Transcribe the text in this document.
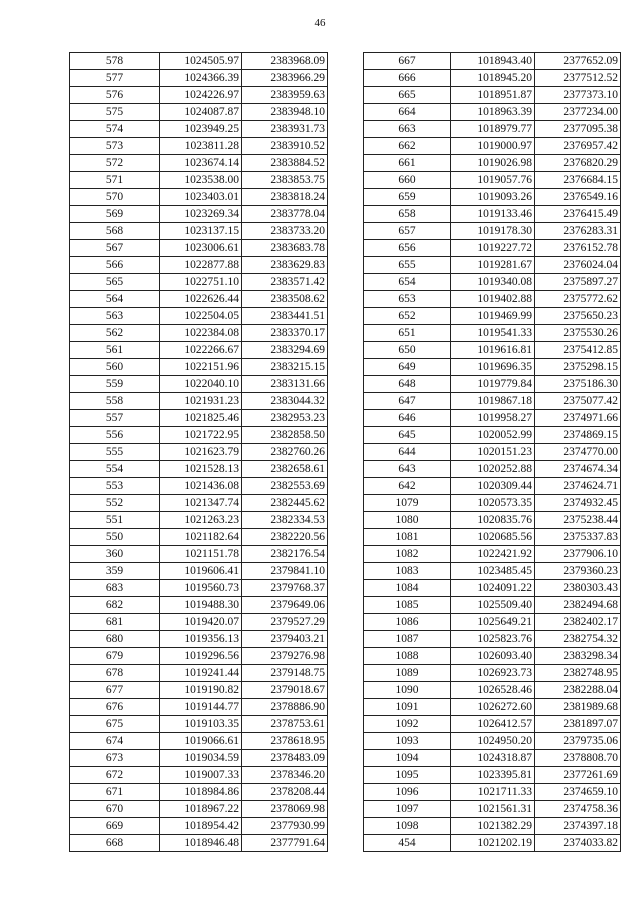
46
578	1024505.97	2383968.09
577	1024366.39	2383966.29
576	1024226.97	2383959.63
575	1024087.87	2383948.10
574	1023949.25	2383931.73
573	1023811.28	2383910.52
572	1023674.14	2383884.52
571	1023538.00	2383853.75
570	1023403.01	2383818.24
569	1023269.34	2383778.04
568	1023137.15	2383733.20
567	1023006.61	2383683.78
566	1022877.88	2383629.83
565	1022751.10	2383571.42
564	1022626.44	2383508.62
563	1022504.05	2383441.51
562	1022384.08	2383370.17
561	1022266.67	2383294.69
560	1022151.96	2383215.15
559	1022040.10	2383131.66
558	1021931.23	2383044.32
557	1021825.46	2382953.23
556	1021722.95	2382858.50
555	1021623.79	2382760.26
554	1021528.13	2382658.61
553	1021436.08	2382553.69
552	1021347.74	2382445.62
551	1021263.23	2382334.53
550	1021182.64	2382220.56
360	1021151.78	2382176.54
359	1019606.41	2379841.10
683	1019560.73	2379768.37
682	1019488.30	2379649.06
681	1019420.07	2379527.29
680	1019356.13	2379403.21
679	1019296.56	2379276.98
678	1019241.44	2379148.75
677	1019190.82	2379018.67
676	1019144.77	2378886.90
675	1019103.35	2378753.61
674	1019066.61	2378618.95
673	1019034.59	2378483.09
672	1019007.33	2378346.20
671	1018984.86	2378208.44
670	1018967.22	2378069.98
669	1018954.42	2377930.99
668	1018946.48	2377791.64
667	1018943.40	2377652.09
666	1018945.20	2377512.52
665	1018951.87	2377373.10
664	1018963.39	2377234.00
663	1018979.77	2377095.38
662	1019000.97	2376957.42
661	1019026.98	2376820.29
660	1019057.76	2376684.15
659	1019093.26	2376549.16
658	1019133.46	2376415.49
657	1019178.30	2376283.31
656	1019227.72	2376152.78
655	1019281.67	2376024.04
654	1019340.08	2375897.27
653	1019402.88	2375772.62
652	1019469.99	2375650.23
651	1019541.33	2375530.26
650	1019616.81	2375412.85
649	1019696.35	2375298.15
648	1019779.84	2375186.30
647	1019867.18	2375077.42
646	1019958.27	2374971.66
645	1020052.99	2374869.15
644	1020151.23	2374770.00
643	1020252.88	2374674.34
642	1020309.44	2374624.71
1079	1020573.35	2374932.45
1080	1020835.76	2375238.44
1081	1020685.56	2375337.83
1082	1022421.92	2377906.10
1083	1023485.45	2379360.23
1084	1024091.22	2380303.43
1085	1025509.40	2382494.68
1086	1025649.21	2382402.17
1087	1025823.76	2382754.32
1088	1026093.40	2383298.34
1089	1026923.73	2382748.95
1090	1026528.46	2382288.04
1091	1026272.60	2381989.68
1092	1026412.57	2381897.07
1093	1024950.20	2379735.06
1094	1024318.87	2378808.70
1095	1023395.81	2377261.69
1096	1021711.33	2374659.10
1097	1021561.31	2374758.36
1098	1021382.29	2374397.18
454	1021202.19	2374033.82
